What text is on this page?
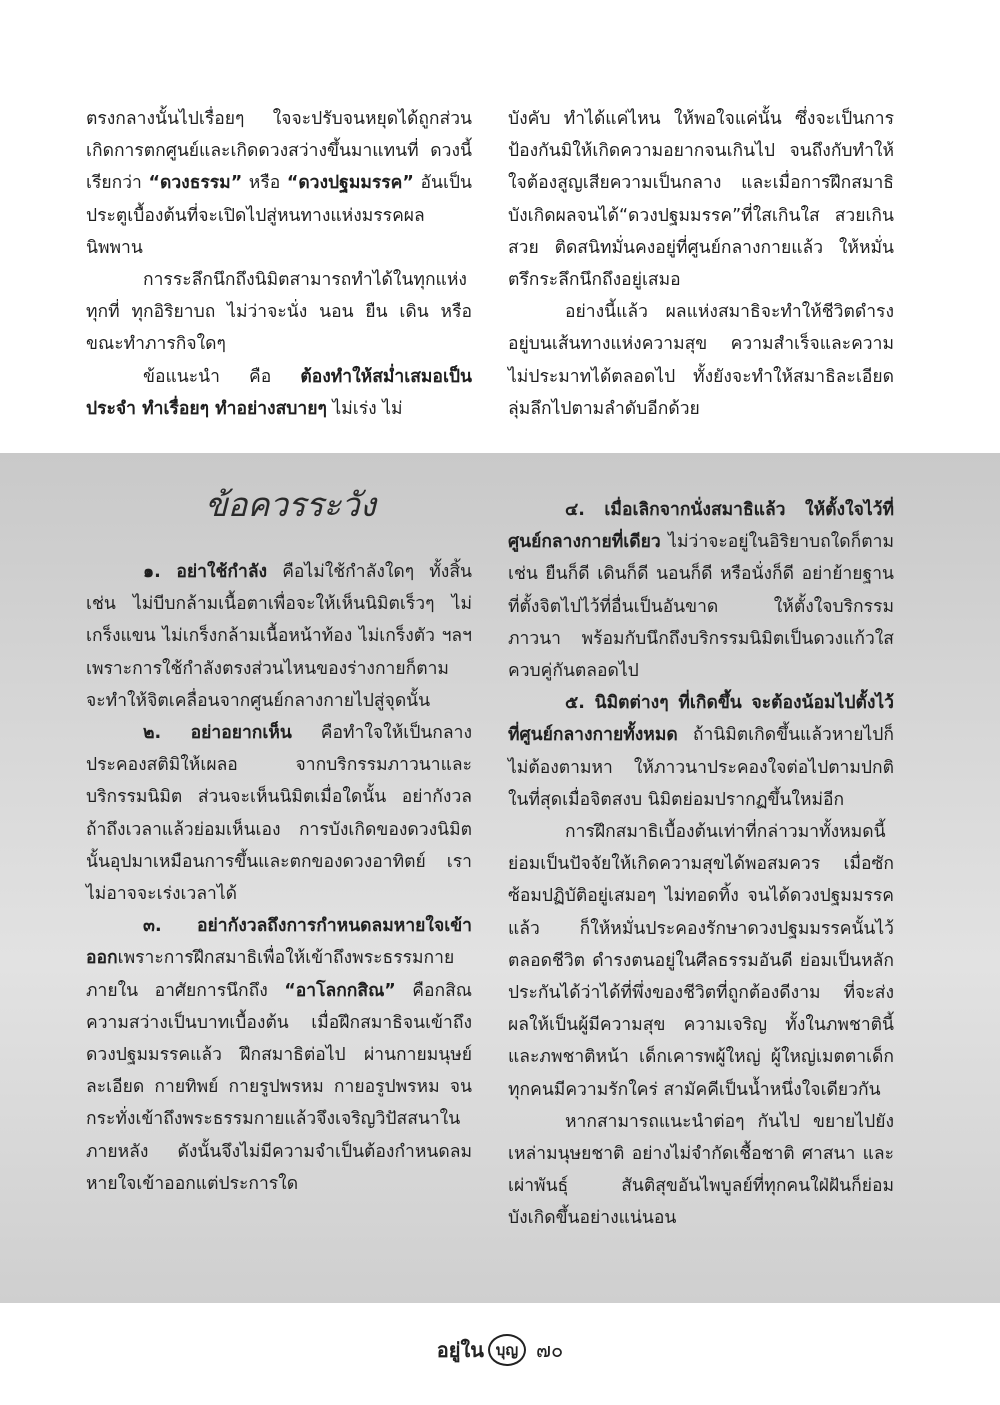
ตรงกลางนั้นไปเรื่อยๆ ใจจะปรับจนหยุดได้ถูกส่วน เกิดการตกศูนย์และเกิดดวงสว่างขึ้นมาแทนที่ ดวงนี้เรียกว่า “ดวงธรรม” หรือ “ดวงปฐมมรรค” อันเป็นประตูเบื้องต้นที่จะเปิดไปสู่หนทางแห่งมรรคผลนิพพาน

การระลึกนึกถึงนิมิตสามารถทำได้ในทุกแห่ง ทุกที่ ทุกอิริยาบถ ไม่ว่าจะนั่ง นอน ยืน เดิน หรือ ขณะทำภารกิจใดๆ

ข้อแนะนำ คือ ต้องทำให้สม่ำเสมอเป็นประจำ ทำเรื่อยๆ ทำอย่างสบายๆ ไม่เร่ง ไม่

บังคับ ทำได้แค่ไหน ให้พอใจแค่นั้น ซึ่งจะเป็นการป้องกันมิให้เกิดความอยากจนเกินไป จนถึงกับทำให้ใจต้องสูญเสียความเป็นกลาง และเมื่อการฝึกสมาธิบังเกิดผลจนได้“ดวงปฐมมรรค”ที่ใสเกินใส สวยเกินสวย ติดสนิทมั่นคงอยู่ที่ศูนย์กลางกายแล้ว ให้หมั่นตรึกระลึกนึกถึงอยู่เสมอ

อย่างนี้แล้ว ผลแห่งสมาธิจะทำให้ชีวิตดำรงอยู่บนเส้นทางแห่งความสุข ความสำเร็จและความไม่ประมาทได้ตลอดไป ทั้งยังจะทำให้สมาธิละเอียดลุ่มลึกไปตามลำดับอีกด้วย

ข้อควรระวัง

๑. อย่าใช้กำลัง คือไม่ใช้กำลังใดๆ ทั้งสิ้น เช่น ไม่บีบกล้ามเนื้อตาเพื่อจะให้เห็นนิมิตเร็วๆ ไม่เกร็งแขน ไม่เกร็งกล้ามเนื้อหน้าท้อง ไม่เกร็งตัว ฯลฯ เพราะการใช้กำลังตรงส่วนไหนของร่างกายก็ตาม จะทำให้จิตเคลื่อนจากศูนย์กลางกายไปสู่จุดนั้น

๒. อย่าอยากเห็น คือทำใจให้เป็นกลาง ประคองสติมิให้เผลอ จากบริกรรมภาวนาและบริกรรมนิมิต ส่วนจะเห็นนิมิตเมื่อใดนั้น อย่ากังวล ถ้าถึงเวลาแล้วย่อมเห็นเอง การบังเกิดของดวงนิมิตนั้นอุปมาเหมือนการขึ้นและตกของดวงอาทิตย์ เราไม่อาจจะเร่งเวลาได้

๓. อย่ากังวลถึงการกำหนดลมหายใจเข้าออกเพราะการฝึกสมาธิเพื่อให้เข้าถึงพระธรรมกายภายใน อาศัยการนึกถึง “อาโลกกสิณ” คือกสิณความสว่างเป็นบาทเบื้องต้น เมื่อฝึกสมาธิจนเข้าถึงดวงปฐมมรรคแล้ว ฝึกสมาธิต่อไป ผ่านกายมนุษย์ละเอียด กายทิพย์ กายรูปพรหม กายอรูปพรหม จนกระทั่งเข้าถึงพระธรรมกายแล้วจึงเจริญวิปัสสนาในภายหลัง ดังนั้นจึงไม่มีความจำเป็นต้องกำหนดลมหายใจเข้าออกแต่ประการใด

๔. เมื่อเลิกจากนั่งสมาธิแล้ว ให้ตั้งใจไว้ที่ศูนย์กลางกายที่เดียว ไม่ว่าจะอยู่ในอิริยาบถใดก็ตาม เช่น ยืนก็ดี เดินก็ดี นอนก็ดี หรือนั่งก็ดี อย่าย้ายฐานที่ตั้งจิตไปไว้ที่อื่นเป็นอันขาด ให้ตั้งใจบริกรรมภาวนา พร้อมกับนึกถึงบริกรรมนิมิตเป็นดวงแก้วใสควบคู่กันตลอดไป

๕. นิมิตต่างๆ ที่เกิดขึ้น จะต้องน้อมไปตั้งไว้ที่ศูนย์กลางกายทั้งหมด ถ้านิมิตเกิดขึ้นแล้วหายไปก็ไม่ต้องตามหา ให้ภาวนาประคองใจต่อไปตามปกติ ในที่สุดเมื่อจิตสงบ นิมิตย่อมปรากฏขึ้นใหม่อีก

การฝึกสมาธิเบื้องต้นเท่าที่กล่าวมาทั้งหมดนี้ย่อมเป็นปัจจัยให้เกิดความสุขได้พอสมควร เมื่อซักซ้อมปฏิบัติอยู่เสมอๆ ไม่ทอดทิ้ง จนได้ดวงปฐมมรรคแล้ว ก็ให้หมั่นประคองรักษาดวงปฐมมรรคนั้นไว้ตลอดชีวิต ดำรงตนอยู่ในศีลธรรมอันดี ย่อมเป็นหลักประกันได้ว่าได้ที่พึ่งของชีวิตที่ถูกต้องดีงาม ที่จะส่งผลให้เป็นผู้มีความสุข ความเจริญ ทั้งในภพชาตินี้และภพชาติหน้า เด็กเคารพผู้ใหญ่ ผู้ใหญ่เมตตาเด็ก ทุกคนมีความรักใคร่ สามัคคีเป็นน้ำหนึ่งใจเดียวกัน

หากสามารถแนะนำต่อๆ กันไป ขยายไปยังเหล่ามนุษยชาติ อย่างไม่จำกัดเชื้อชาติ ศาสนา และเผ่าพันธุ์ สันติสุขอันไพบูลย์ที่ทุกคนใฝ่ฝันก็ย่อมบังเกิดขึ้นอย่างแน่นอน

อยู่ใน บุญ ๗๐
